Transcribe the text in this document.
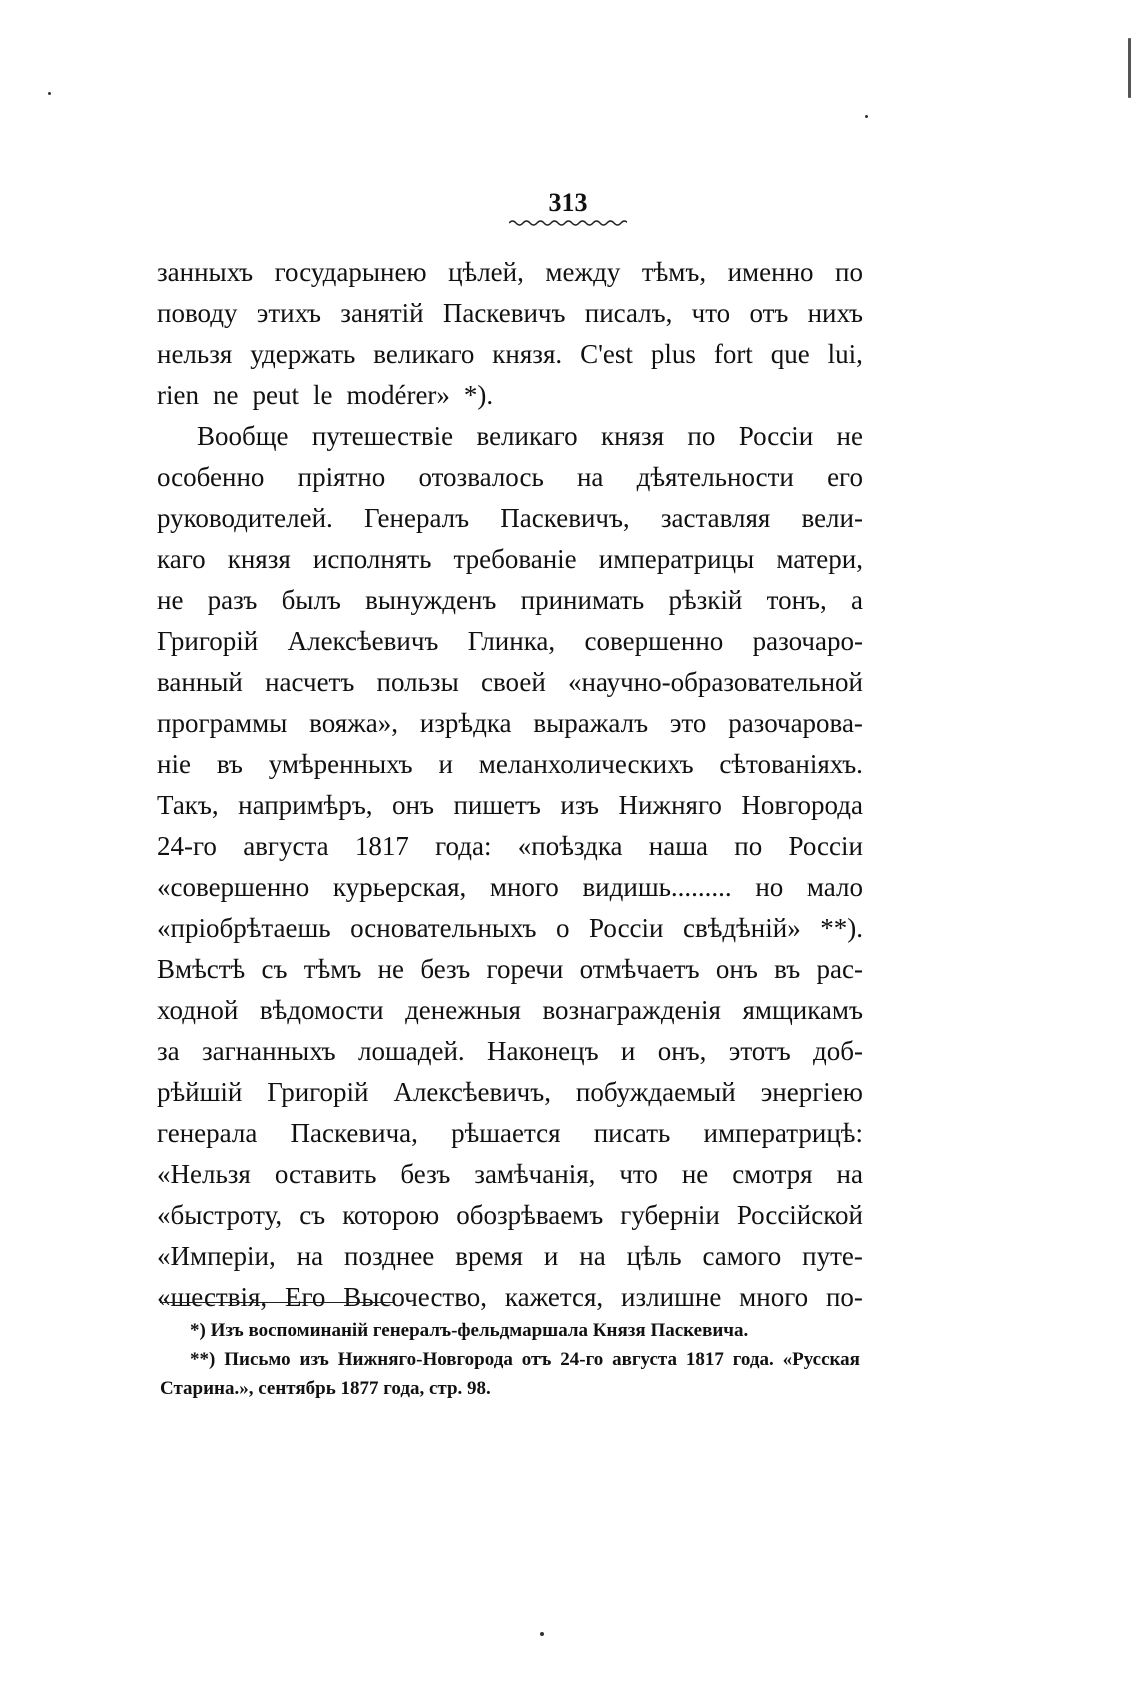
313
занныхъ государынею цѣлей, между тѣмъ, именно по
поводу этихъ занятій Паскевичъ писалъ, что отъ нихъ
нельзя удержать великаго князя. C'est plus fort que lui,
rien ne peut le modérer» *).
Вообще путешествіе великаго князя по Россіи не
особенно пріятно отозвалось на дѣятельности его
руководителей. Генералъ Паскевичъ, заставляя вели-
каго князя исполнять требованіе императрицы матери,
не разъ былъ вынужденъ принимать рѣзкій тонъ, а
Григорій Алексѣевичъ Глинка, совершенно разочаро-
ванный насчетъ пользы своей «научно-образовательной
программы вояжа», изрѣдка выражалъ это разочарова-
ніе въ умѣренныхъ и меланхолическихъ сѣтованіяхъ.
Такъ, напримѣръ, онъ пишетъ изъ Нижняго Новгорода
24-го августа 1817 года: «поѣздка наша по Россіи
«совершенно курьерская, много видишь......... но мало
«пріобрѣтаешь основательныхъ о Россіи свѣдѣній» **).
Вмѣстѣ съ тѣмъ не безъ горечи отмѣчаетъ онъ въ рас-
ходной вѣдомости денежныя вознагражденія ямщикамъ
за загнанныхъ лошадей. Наконецъ и онъ, этотъ доб-
рѣйшій Григорій Алексѣевичъ, побуждаемый энергіею
генерала Паскевича, рѣшается писать императрицѣ:
«Нельзя оставить безъ замѣчанія, что не смотря на
«быстроту, съ которою обозрѣваемъ губерніи Россійской
«Имперіи, на позднее время и на цѣль самого путе-
«шествія, Его Высочество, кажется, излишне много по-
*) Изъ воспоминаній генералъ-фельдмаршала Князя Паскевича.
**) Письмо изъ Нижняго-Новгорода отъ 24-го августа 1817 года. «Русская
Старина.», сентябрь 1877 года, стр. 98.
